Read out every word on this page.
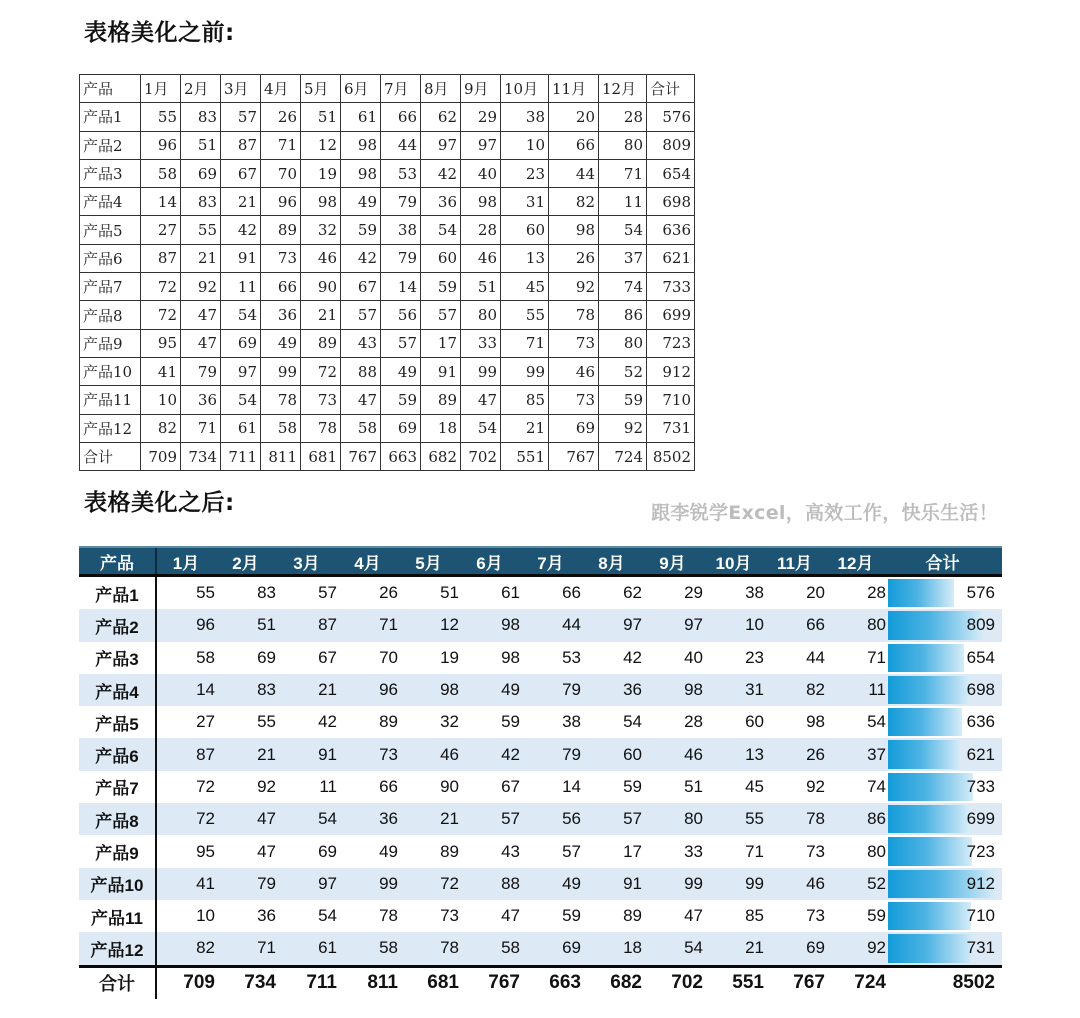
表格美化之前:
产品	1月	2月	3月	4月	5月	6月	7月	8月	9月	10月	11月	12月	合计
产品1	55	83	57	26	51	61	66	62	29	38	20	28	576
产品2	96	51	87	71	12	98	44	97	97	10	66	80	809
产品3	58	69	67	70	19	98	53	42	40	23	44	71	654
产品4	14	83	21	96	98	49	79	36	98	31	82	11	698
产品5	27	55	42	89	32	59	38	54	28	60	98	54	636
产品6	87	21	91	73	46	42	79	60	46	13	26	37	621
产品7	72	92	11	66	90	67	14	59	51	45	92	74	733
产品8	72	47	54	36	21	57	56	57	80	55	78	86	699
产品9	95	47	69	49	89	43	57	17	33	71	73	80	723
产品10	41	79	97	99	72	88	49	91	99	99	46	52	912
产品11	10	36	54	78	73	47	59	89	47	85	73	59	710
产品12	82	71	61	58	78	58	69	18	54	21	69	92	731
合计	709	734	711	811	681	767	663	682	702	551	767	724	8502
表格美化之后:	跟李锐学Excel，高效工作，快乐生活！
产品	1月	2月	3月	4月	5月	6月	7月	8月	9月	10月	11月	12月	合计
产品1	55	83	57	26	51	61	66	62	29	38	20	28	576
产品2	96	51	87	71	12	98	44	97	97	10	66	80	809
产品3	58	69	67	70	19	98	53	42	40	23	44	71	654
产品4	14	83	21	96	98	49	79	36	98	31	82	11	698
产品5	27	55	42	89	32	59	38	54	28	60	98	54	636
产品6	87	21	91	73	46	42	79	60	46	13	26	37	621
产品7	72	92	11	66	90	67	14	59	51	45	92	74	733
产品8	72	47	54	36	21	57	56	57	80	55	78	86	699
产品9	95	47	69	49	89	43	57	17	33	71	73	80	723
产品10	41	79	97	99	72	88	49	91	99	99	46	52	912
产品11	10	36	54	78	73	47	59	89	47	85	73	59	710
产品12	82	71	61	58	78	58	69	18	54	21	69	92	731
合计	709	734	711	811	681	767	663	682	702	551	767	724	8502
